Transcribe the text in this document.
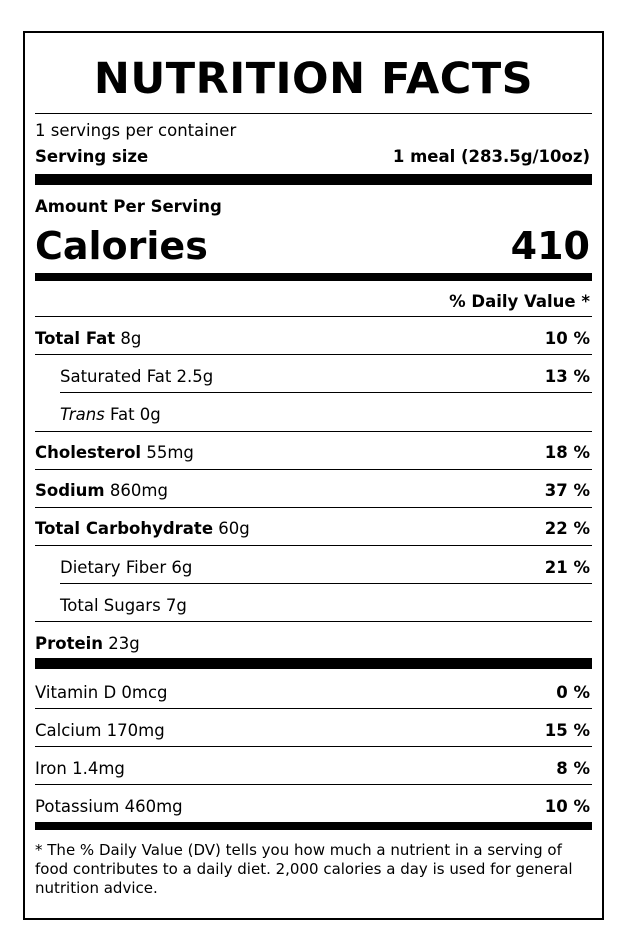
NUTRITION FACTS
1 servings per container
Serving size	1 meal (283.5g/10oz)
Amount Per Serving
Calories	410
% Daily Value *
Total Fat 8g	10 %
Saturated Fat 2.5g	13 %
Trans Fat 0g
Cholesterol 55mg	18 %
Sodium 860mg	37 %
Total Carbohydrate 60g	22 %
Dietary Fiber 6g	21 %
Total Sugars 7g
Protein 23g
Vitamin D 0mcg	0 %
Calcium 170mg	15 %
Iron 1.4mg	8 %
Potassium 460mg	10 %
* The % Daily Value (DV) tells you how much a nutrient in a serving of food contributes to a daily diet. 2,000 calories a day is used for general nutrition advice.
